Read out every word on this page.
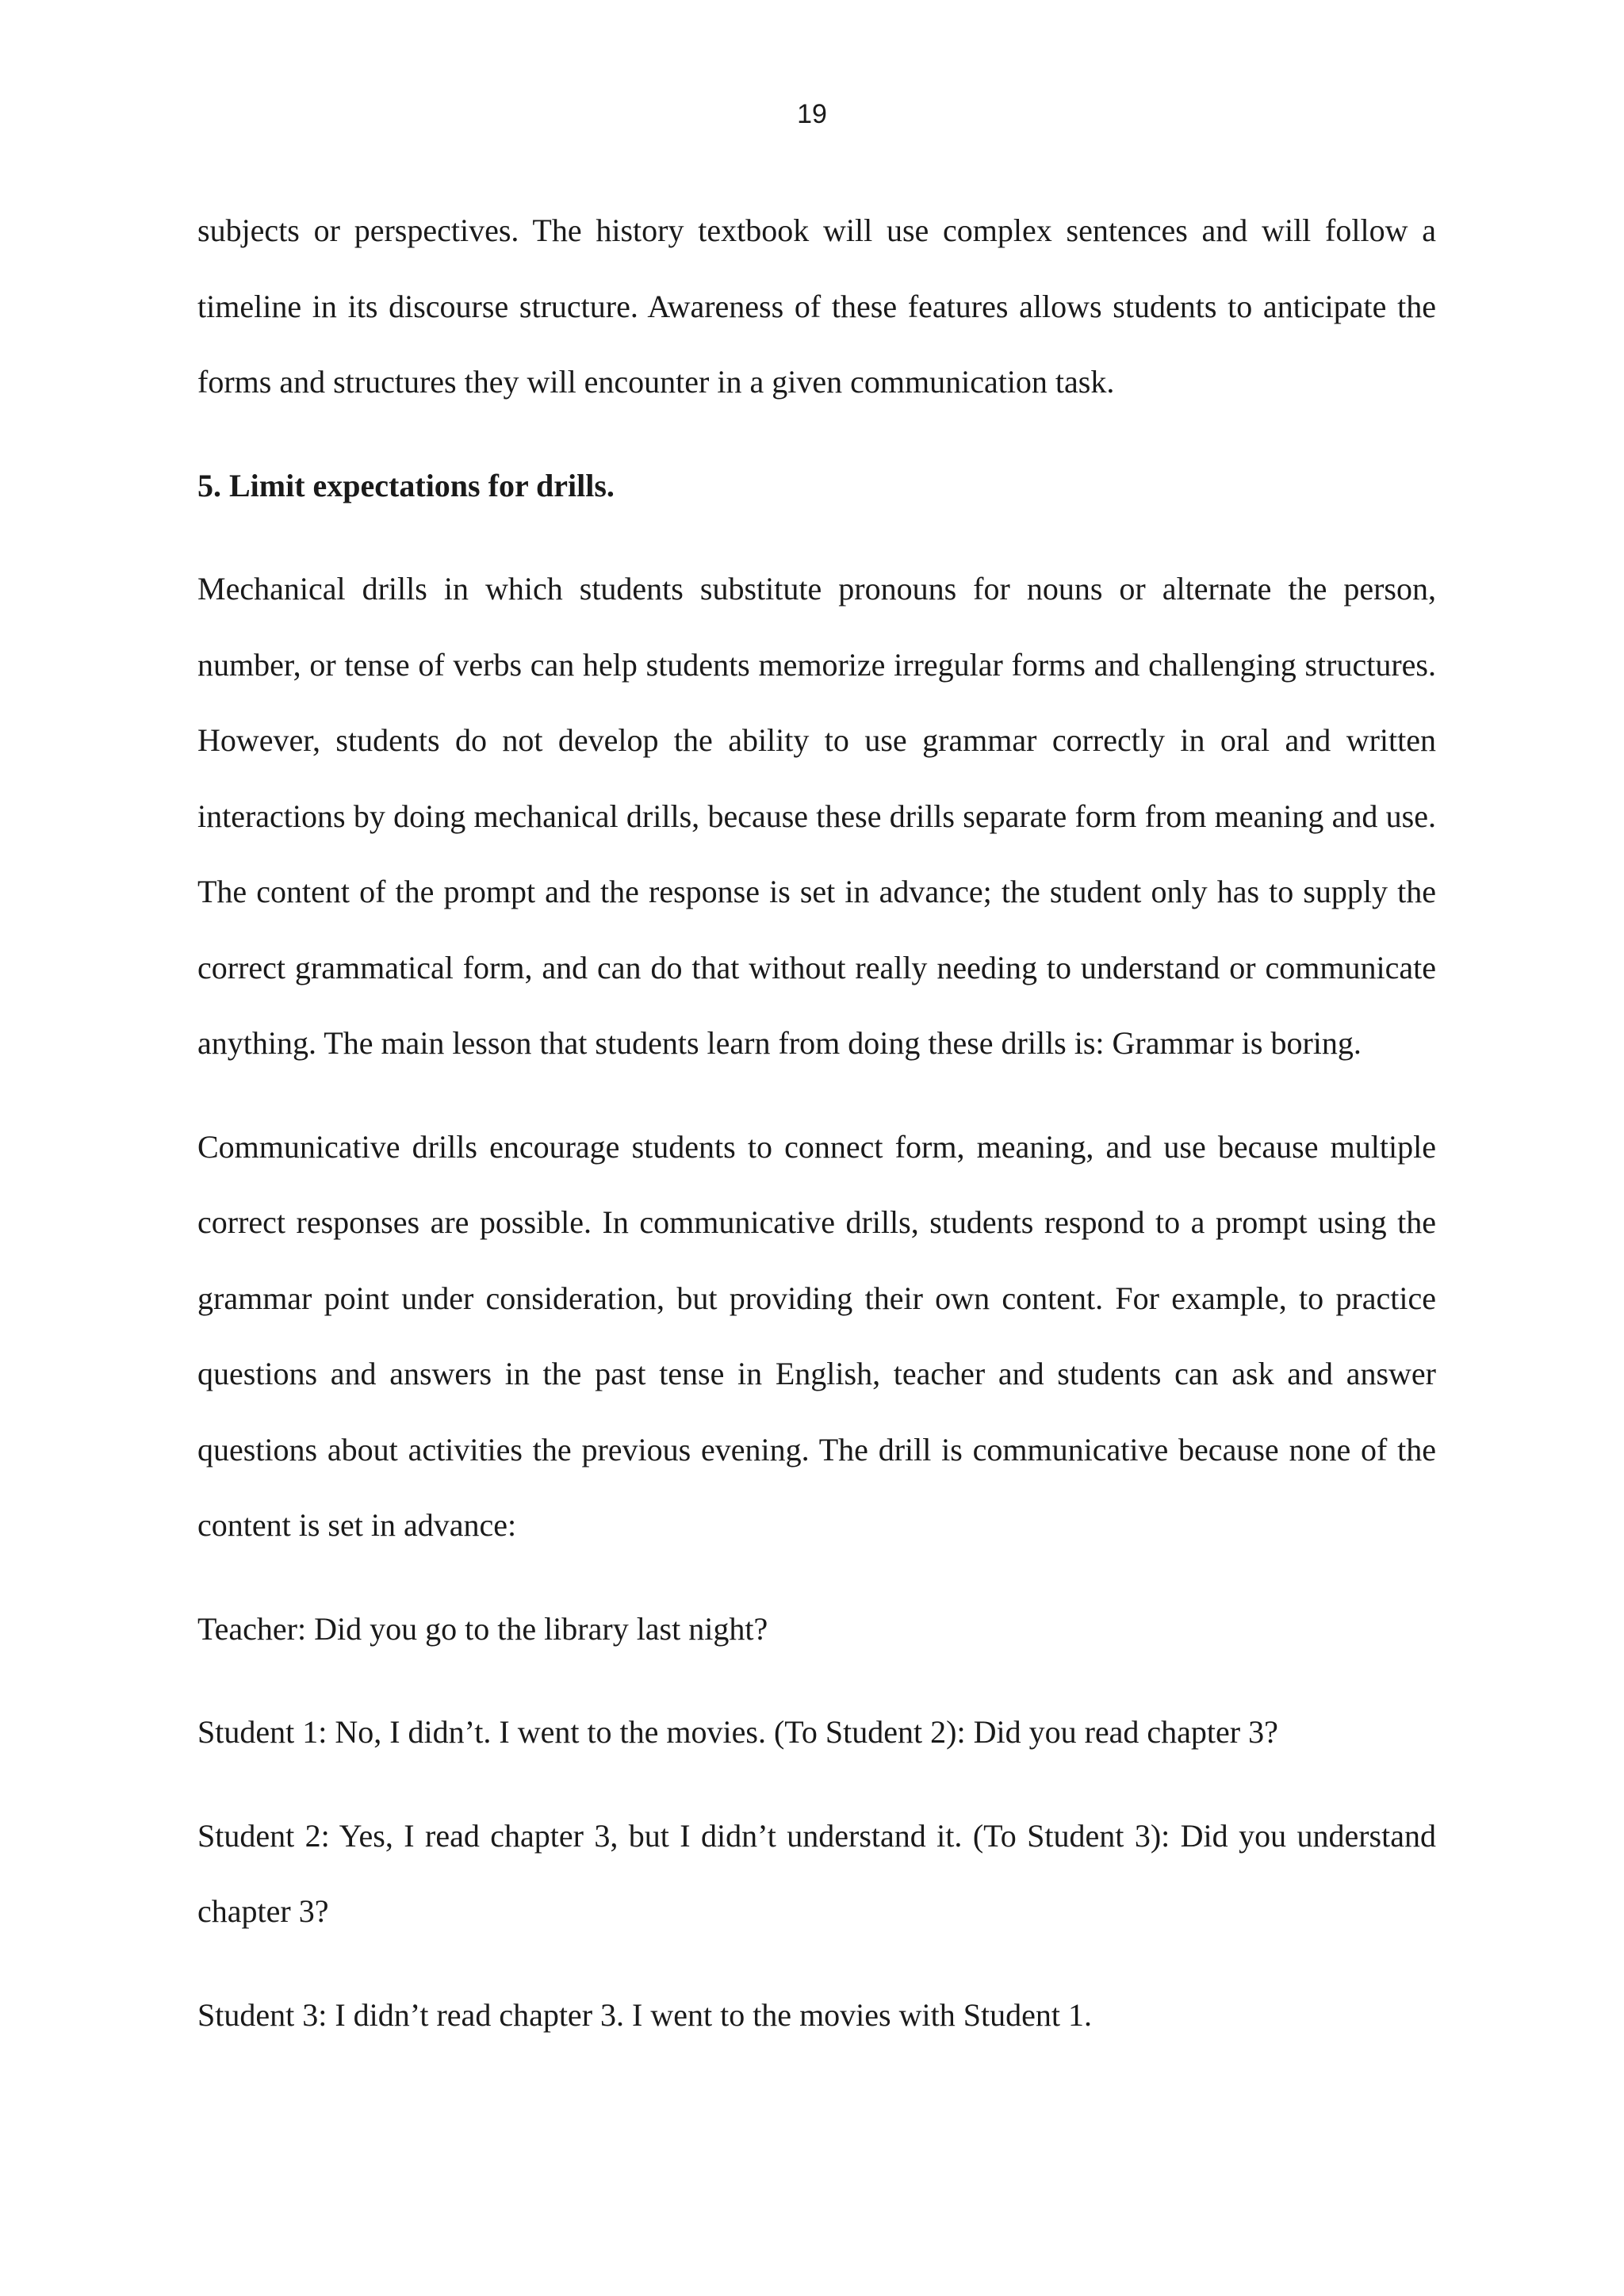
19

subjects or perspectives. The history textbook will use complex sentences and will follow a timeline in its discourse structure. Awareness of these features allows students to anticipate the forms and structures they will encounter in a given communication task.

5. Limit expectations for drills.

Mechanical drills in which students substitute pronouns for nouns or alternate the person, number, or tense of verbs can help students memorize irregular forms and challenging structures. However, students do not develop the ability to use grammar correctly in oral and written interactions by doing mechanical drills, because these drills separate form from meaning and use. The content of the prompt and the response is set in advance; the student only has to supply the correct grammatical form, and can do that without really needing to understand or communicate anything. The main lesson that students learn from doing these drills is: Grammar is boring.

Communicative drills encourage students to connect form, meaning, and use because multiple correct responses are possible. In communicative drills, students respond to a prompt using the grammar point under consideration, but providing their own content. For example, to practice questions and answers in the past tense in English, teacher and students can ask and answer questions about activities the previous evening. The drill is communicative because none of the content is set in advance:

Teacher: Did you go to the library last night?

Student 1: No, I didn’t. I went to the movies. (To Student 2): Did you read chapter 3?

Student 2: Yes, I read chapter 3, but I didn’t understand it. (To Student 3): Did you understand chapter 3?

Student 3: I didn’t read chapter 3. I went to the movies with Student 1.
